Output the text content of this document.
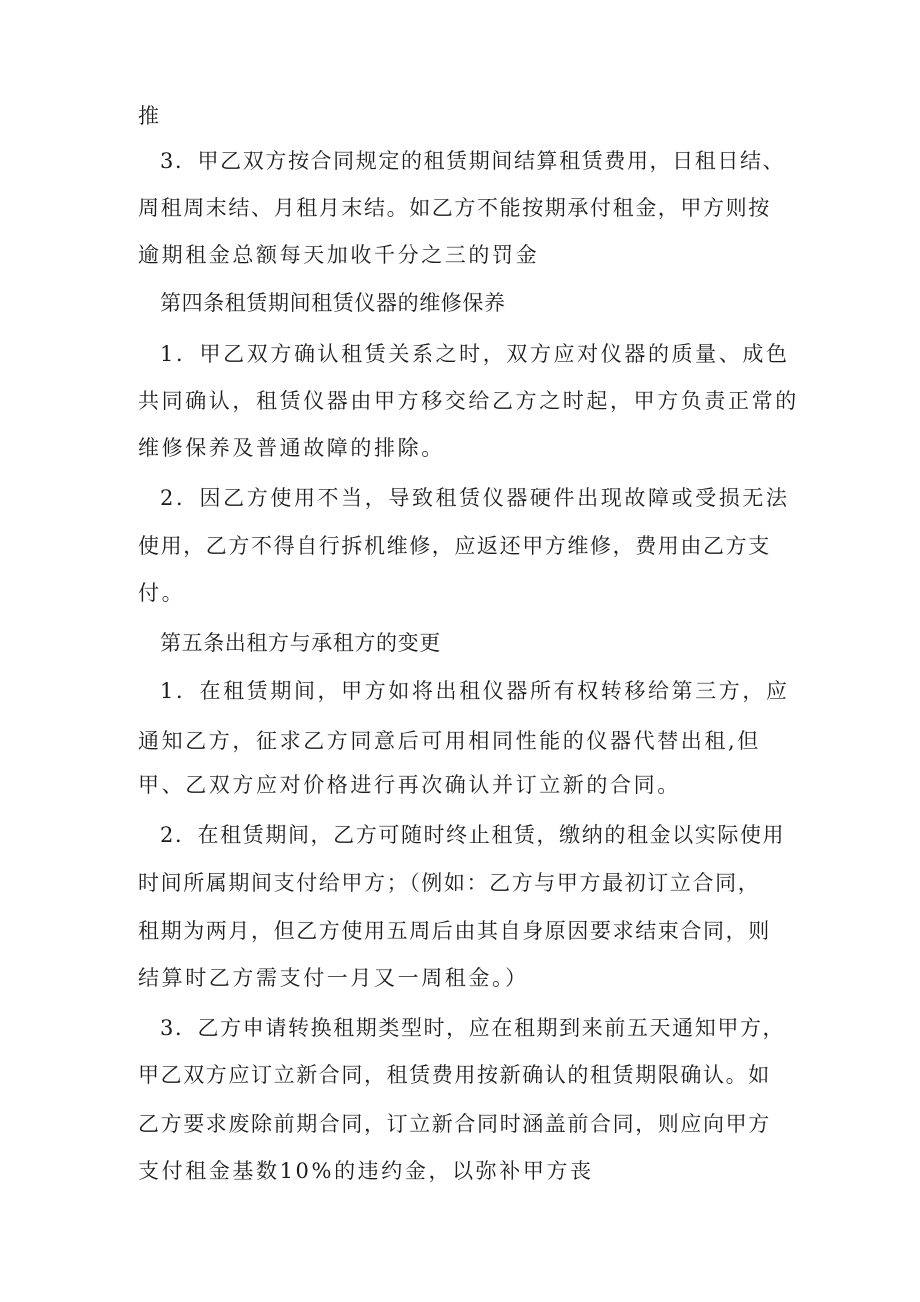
推
3．甲乙双方按合同规定的租赁期间结算租赁费用，日租日结、
周租周末结、月租月末结。如乙方不能按期承付租金，甲方则按
逾期租金总额每天加收千分之三的罚金
第四条租赁期间租赁仪器的维修保养
1．甲乙双方确认租赁关系之时，双方应对仪器的质量、成色
共同确认，租赁仪器由甲方移交给乙方之时起，甲方负责正常的
维修保养及普通故障的排除。
2．因乙方使用不当，导致租赁仪器硬件出现故障或受损无法
使用，乙方不得自行拆机维修，应返还甲方维修，费用由乙方支
付。
第五条出租方与承租方的变更
1．在租赁期间，甲方如将出租仪器所有权转移给第三方，应
通知乙方，征求乙方同意后可用相同性能的仪器代替出租,但
甲、乙双方应对价格进行再次确认并订立新的合同。
2．在租赁期间，乙方可随时终止租赁，缴纳的租金以实际使用
时间所属期间支付给甲方；（例如：乙方与甲方最初订立合同，
租期为两月，但乙方使用五周后由其自身原因要求结束合同，则
结算时乙方需支付一月又一周租金。）
3．乙方申请转换租期类型时，应在租期到来前五天通知甲方，
甲乙双方应订立新合同，租赁费用按新确认的租赁期限确认。如
乙方要求废除前期合同，订立新合同时涵盖前合同，则应向甲方
支付租金基数10%的违约金，以弥补甲方丧
